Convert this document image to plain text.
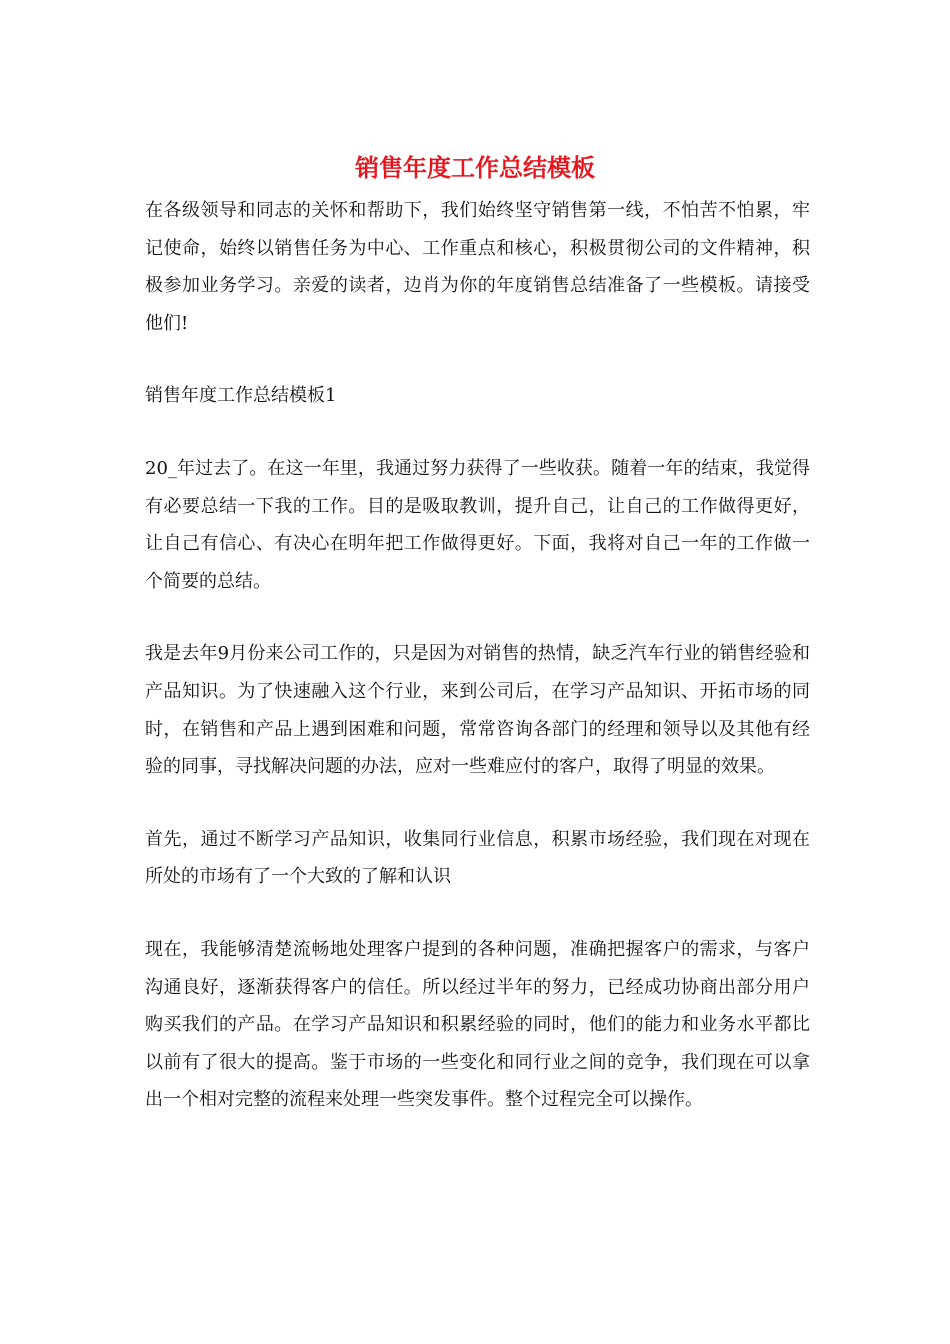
销售年度工作总结模板

在各级领导和同志的关怀和帮助下，我们始终坚守销售第一线，不怕苦不怕累，牢记使命，始终以销售任务为中心、工作重点和核心，积极贯彻公司的文件精神，积极参加业务学习。亲爱的读者，边肖为你的年度销售总结准备了一些模板。请接受他们!

销售年度工作总结模板1

20_年过去了。在这一年里，我通过努力获得了一些收获。随着一年的结束，我觉得有必要总结一下我的工作。目的是吸取教训，提升自己，让自己的工作做得更好，让自己有信心、有决心在明年把工作做得更好。下面，我将对自己一年的工作做一个简要的总结。

我是去年9月份来公司工作的，只是因为对销售的热情，缺乏汽车行业的销售经验和产品知识。为了快速融入这个行业，来到公司后，在学习产品知识、开拓市场的同时，在销售和产品上遇到困难和问题，常常咨询各部门的经理和领导以及其他有经验的同事，寻找解决问题的办法，应对一些难应付的客户，取得了明显的效果。

首先，通过不断学习产品知识，收集同行业信息，积累市场经验，我们现在对现在所处的市场有了一个大致的了解和认识

现在，我能够清楚流畅地处理客户提到的各种问题，准确把握客户的需求，与客户沟通良好，逐渐获得客户的信任。所以经过半年的努力，已经成功协商出部分用户购买我们的产品。在学习产品知识和积累经验的同时，他们的能力和业务水平都比以前有了很大的提高。鉴于市场的一些变化和同行业之间的竞争，我们现在可以拿出一个相对完整的流程来处理一些突发事件。整个过程完全可以操作。
